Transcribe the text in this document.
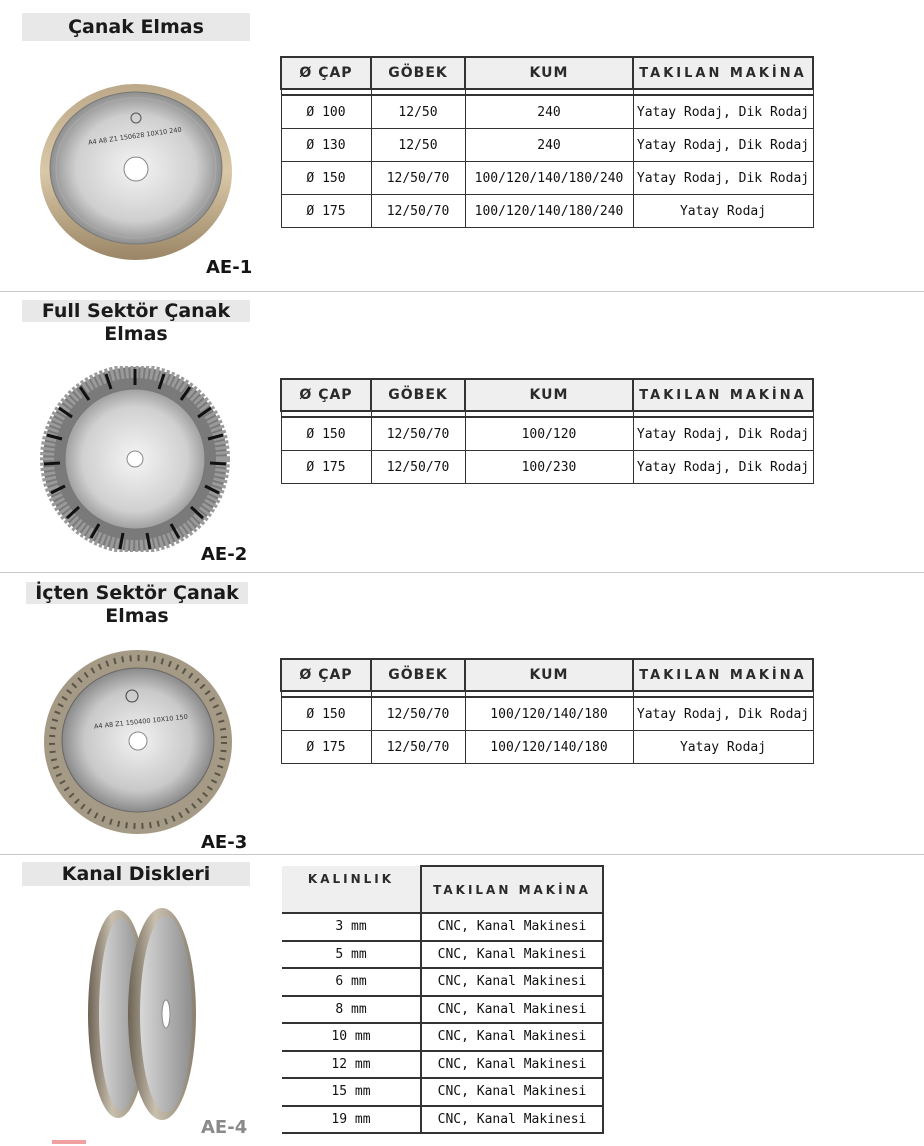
Çanak Elmas
A4 A8 Z1 150628 10X10 240
AE-1
Ø ÇAP	GÖBEK	KUM	TAKILAN MAKİNA

Ø 100	12/50	240	Yatay Rodaj, Dik Rodaj
Ø 130	12/50	240	Yatay Rodaj, Dik Rodaj
Ø 150	12/50/70	100/120/140/180/240	Yatay Rodaj, Dik Rodaj
Ø 175	12/50/70	100/120/140/180/240	Yatay Rodaj
Full Sektör Çanak
Elmas
AE-2
Ø ÇAP	GÖBEK	KUM	TAKILAN MAKİNA

Ø 150	12/50/70	100/120	Yatay Rodaj, Dik Rodaj
Ø 175	12/50/70	100/230	Yatay Rodaj, Dik Rodaj
İçten Sektör Çanak
Elmas
A4 A8 Z1 150400 10X10 150
AE-3
Ø ÇAP	GÖBEK	KUM	TAKILAN MAKİNA

Ø 150	12/50/70	100/120/140/180	Yatay Rodaj, Dik Rodaj
Ø 175	12/50/70	100/120/140/180	Yatay Rodaj
Kanal Diskleri
AE-4
KALINLIK	TAKILAN MAKİNA
3 mm	CNC, Kanal Makinesi
5 mm	CNC, Kanal Makinesi
6 mm	CNC, Kanal Makinesi
8 mm	CNC, Kanal Makinesi
10 mm	CNC, Kanal Makinesi
12 mm	CNC, Kanal Makinesi
15 mm	CNC, Kanal Makinesi
19 mm	CNC, Kanal Makinesi
